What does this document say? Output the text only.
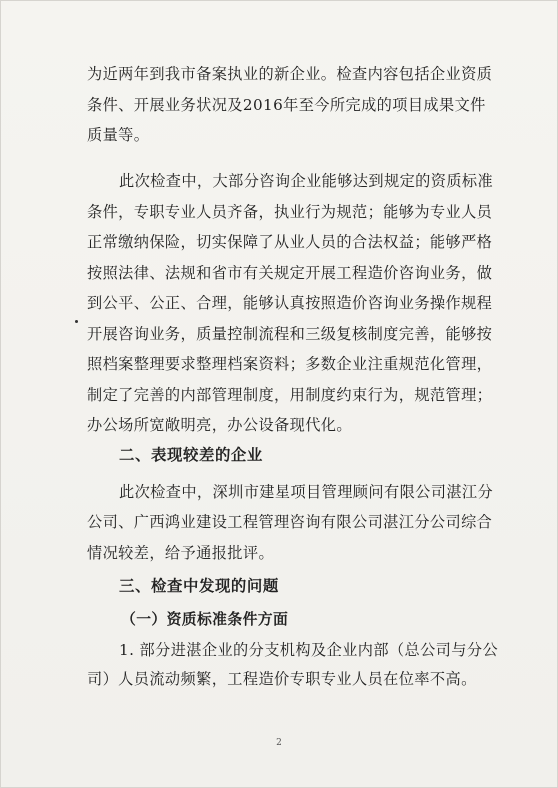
为近两年到我市备案执业的新企业。检查内容包括企业资质
条件、开展业务状况及2016年至今所完成的项目成果文件
质量等。
此次检查中，大部分咨询企业能够达到规定的资质标准
条件，专职专业人员齐备，执业行为规范；能够为专业人员
正常缴纳保险，切实保障了从业人员的合法权益；能够严格
按照法律、法规和省市有关规定开展工程造价咨询业务，做
到公平、公正、合理，能够认真按照造价咨询业务操作规程
开展咨询业务，质量控制流程和三级复核制度完善，能够按
照档案整理要求整理档案资料；多数企业注重规范化管理，
制定了完善的内部管理制度，用制度约束行为，规范管理；
办公场所宽敞明亮，办公设备现代化。
二、表现较差的企业
此次检查中，深圳市建星项目管理顾问有限公司湛江分
公司、广西鸿业建设工程管理咨询有限公司湛江分公司综合
情况较差，给予通报批评。
三、检查中发现的问题
（一）资质标准条件方面
1. 部分进湛企业的分支机构及企业内部（总公司与分公
司）人员流动频繁，工程造价专职专业人员在位率不高。
2
